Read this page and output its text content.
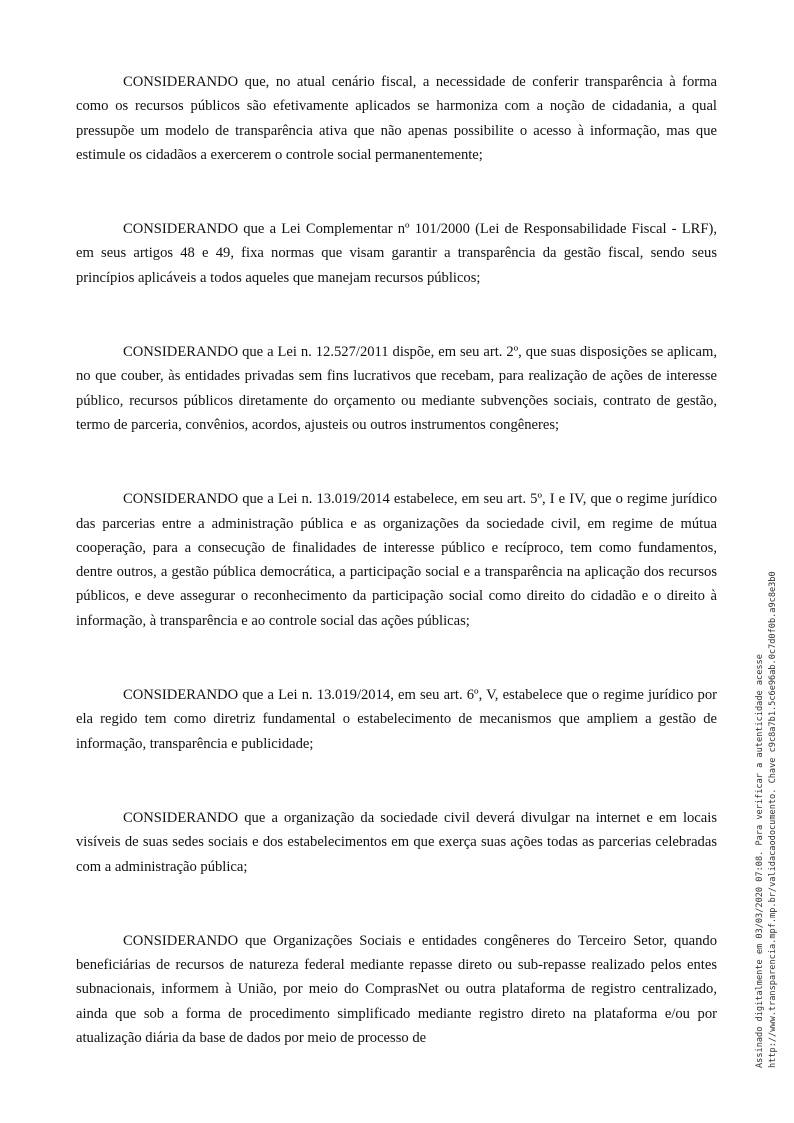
CONSIDERANDO que, no atual cenário fiscal, a necessidade de conferir transparência à forma como os recursos públicos são efetivamente aplicados se harmoniza com a noção de cidadania, a qual pressupõe um modelo de transparência ativa que não apenas possibilite o acesso à informação, mas que estimule os cidadãos a exercerem o controle social permanentemente;

CONSIDERANDO que a Lei Complementar nº 101/2000 (Lei de Responsabilidade Fiscal - LRF), em seus artigos 48 e 49, fixa normas que visam garantir a transparência da gestão fiscal, sendo seus princípios aplicáveis a todos aqueles que manejam recursos públicos;

CONSIDERANDO que a Lei n. 12.527/2011 dispõe, em seu art. 2º, que suas disposições se aplicam, no que couber, às entidades privadas sem fins lucrativos que recebam, para realização de ações de interesse público, recursos públicos diretamente do orçamento ou mediante subvenções sociais, contrato de gestão, termo de parceria, convênios, acordos, ajusteis ou outros instrumentos congêneres;

CONSIDERANDO que a Lei n. 13.019/2014 estabelece, em seu art. 5º, I e IV, que o regime jurídico das parcerias entre a administração pública e as organizações da sociedade civil, em regime de mútua cooperação, para a consecução de finalidades de interesse público e recíproco, tem como fundamentos, dentre outros, a gestão pública democrática, a participação social e a transparência na aplicação dos recursos públicos, e deve assegurar o reconhecimento da participação social como direito do cidadão e o direito à informação, à transparência e ao controle social das ações públicas;

CONSIDERANDO que a Lei n. 13.019/2014, em seu art. 6º, V, estabelece que o regime jurídico por ela regido tem como diretriz fundamental o estabelecimento de mecanismos que ampliem a gestão de informação, transparência e publicidade;

CONSIDERANDO que a organização da sociedade civil deverá divulgar na internet e em locais visíveis de suas sedes sociais e dos estabelecimentos em que exerça suas ações todas as parcerias celebradas com a administração pública;

CONSIDERANDO que Organizações Sociais e entidades congêneres do Terceiro Setor, quando beneficiárias de recursos de natureza federal mediante repasse direto ou sub-repasse realizado pelos entes subnacionais, informem à União, por meio do ComprasNet ou outra plataforma de registro centralizado, ainda que sob a forma de procedimento simplificado mediante registro direto na plataforma e/ou por atualização diária da base de dados por meio de processo de	Assinado digitalmente em 03/03/2020 07:08. Para verificar a autenticidade acesse http://www.transparencia.mpf.mp.br/validacaodocumento. Chave c9c8a7b1.5c6e96ab.0c7d0f0b.a9c8e3b0
